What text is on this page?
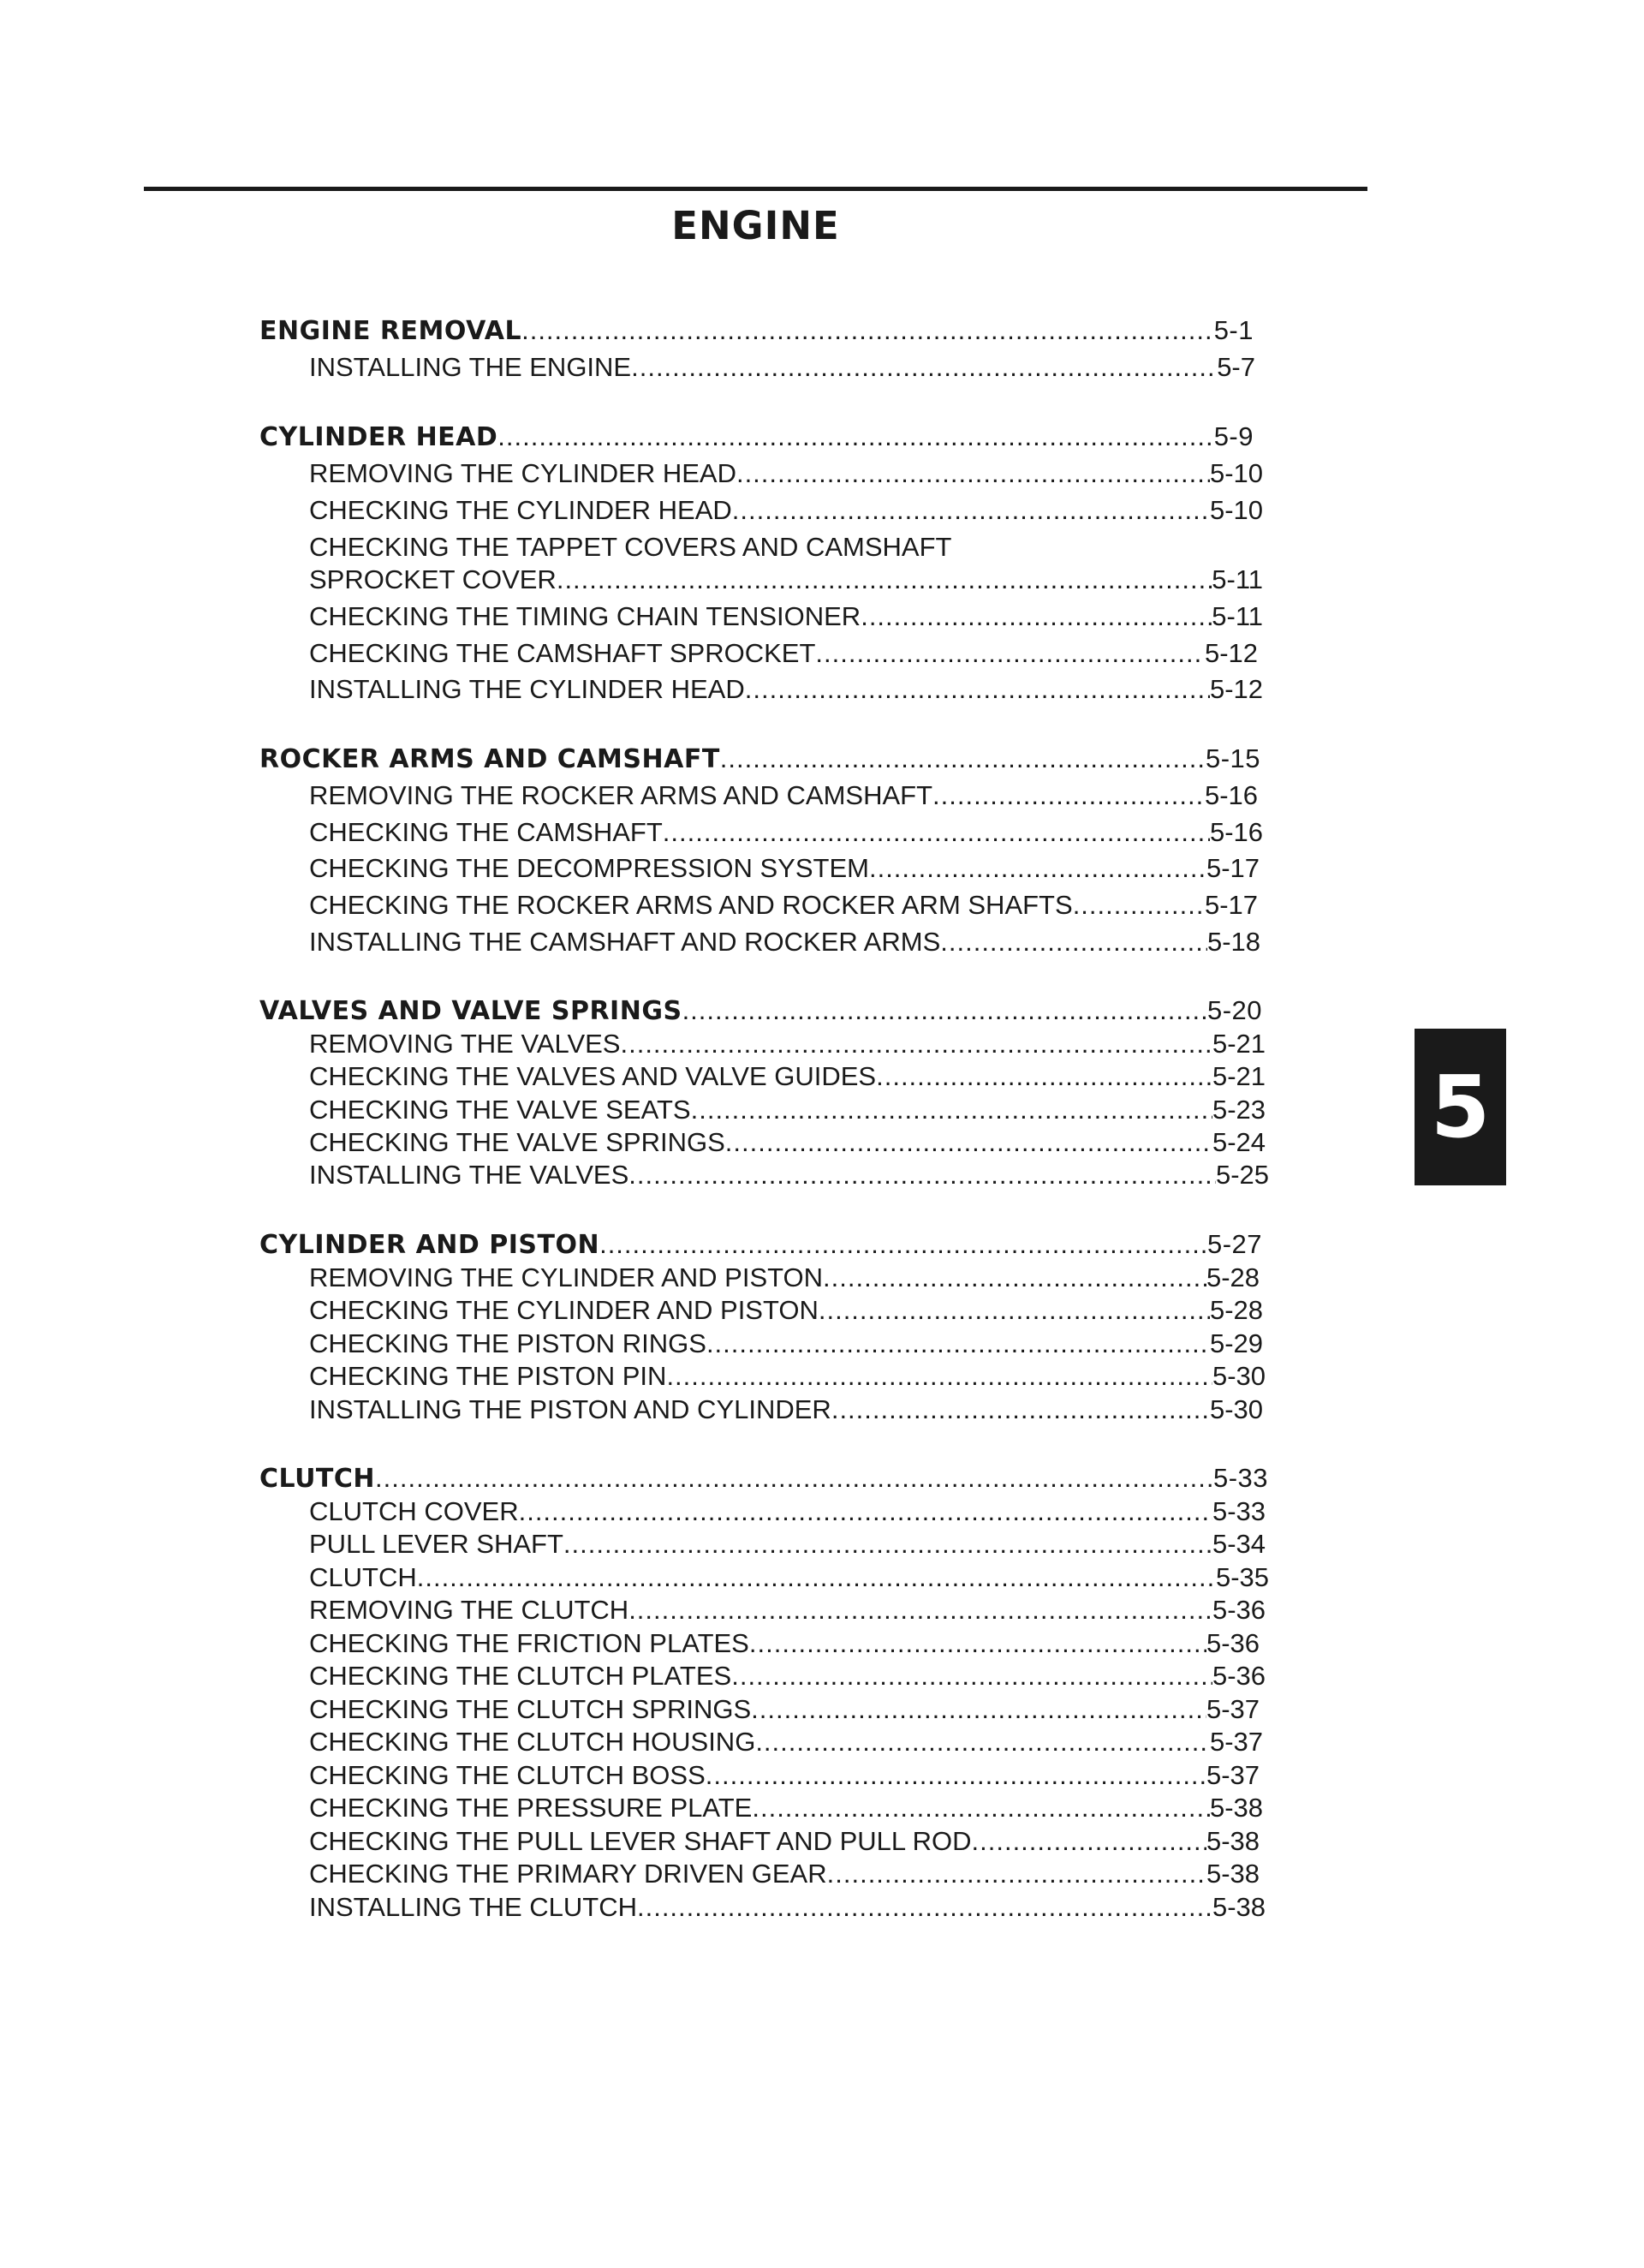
ENGINE
ENGINE REMOVAL .....	5-1
INSTALLING THE ENGINE .....	5-7
CYLINDER HEAD .....	5-9
REMOVING THE CYLINDER HEAD .....	5-10
CHECKING THE CYLINDER HEAD .....	5-10
CHECKING THE TAPPET COVERS AND CAMSHAFT
SPROCKET COVER .....	5-11
CHECKING THE TIMING CHAIN TENSIONER .....	5-11
CHECKING THE CAMSHAFT SPROCKET .....	5-12
INSTALLING THE CYLINDER HEAD .....	5-12
ROCKER ARMS AND CAMSHAFT .....	5-15
REMOVING THE ROCKER ARMS AND CAMSHAFT .....	5-16
CHECKING THE CAMSHAFT .....	5-16
CHECKING THE DECOMPRESSION SYSTEM .....	5-17
CHECKING THE ROCKER ARMS AND ROCKER ARM SHAFTS .....	5-17
INSTALLING THE CAMSHAFT AND ROCKER ARMS .....	5-18
VALVES AND VALVE SPRINGS .....	5-20
REMOVING THE VALVES .....	5-21
CHECKING THE VALVES AND VALVE GUIDES .....	5-21
CHECKING THE VALVE SEATS .....	5-23
CHECKING THE VALVE SPRINGS .....	5-24
INSTALLING THE VALVES .....	5-25
CYLINDER AND PISTON .....	5-27
REMOVING THE CYLINDER AND PISTON .....	5-28
CHECKING THE CYLINDER AND PISTON .....	5-28
CHECKING THE PISTON RINGS .....	5-29
CHECKING THE PISTON PIN .....	5-30
INSTALLING THE PISTON AND CYLINDER .....	5-30
CLUTCH .....	5-33
CLUTCH COVER .....	5-33
PULL LEVER SHAFT .....	5-34
CLUTCH .....	5-35
REMOVING THE CLUTCH .....	5-36
CHECKING THE FRICTION PLATES .....	5-36
CHECKING THE CLUTCH PLATES .....	5-36
CHECKING THE CLUTCH SPRINGS .....	5-37
CHECKING THE CLUTCH HOUSING .....	5-37
CHECKING THE CLUTCH BOSS .....	5-37
CHECKING THE PRESSURE PLATE .....	5-38
CHECKING THE PULL LEVER SHAFT AND PULL ROD .....	5-38
CHECKING THE PRIMARY DRIVEN GEAR .....	5-38
INSTALLING THE CLUTCH .....	5-38
5
